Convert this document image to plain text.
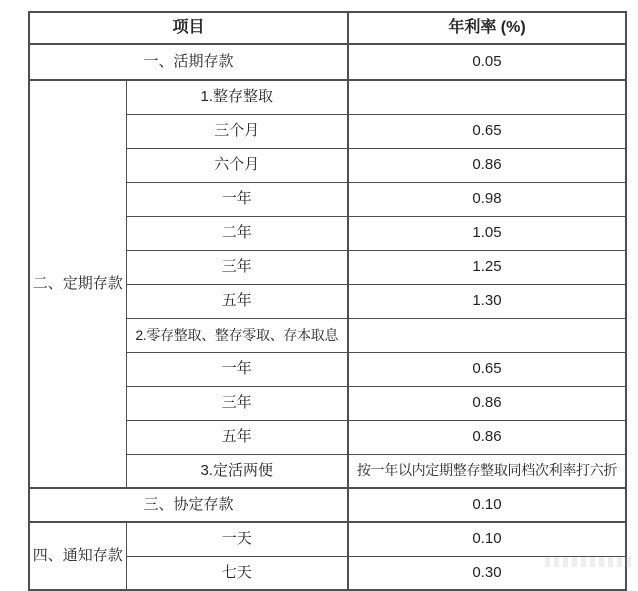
项目		年利率 (%)
一、活期存款		0.05
二、定期存款	1.整存整取	
	三个月	0.65
	六个月	0.86
	一年	0.98
	二年	1.05
	三年	1.25
	五年	1.30
	2.零存整取、整存零取、存本取息	
	一年	0.65
	三年	0.86
	五年	0.86
	3.定活两便	按一年以内定期整存整取同档次利率打六折
三、协定存款		0.10
四、通知存款	一天	0.10
	七天	0.30
